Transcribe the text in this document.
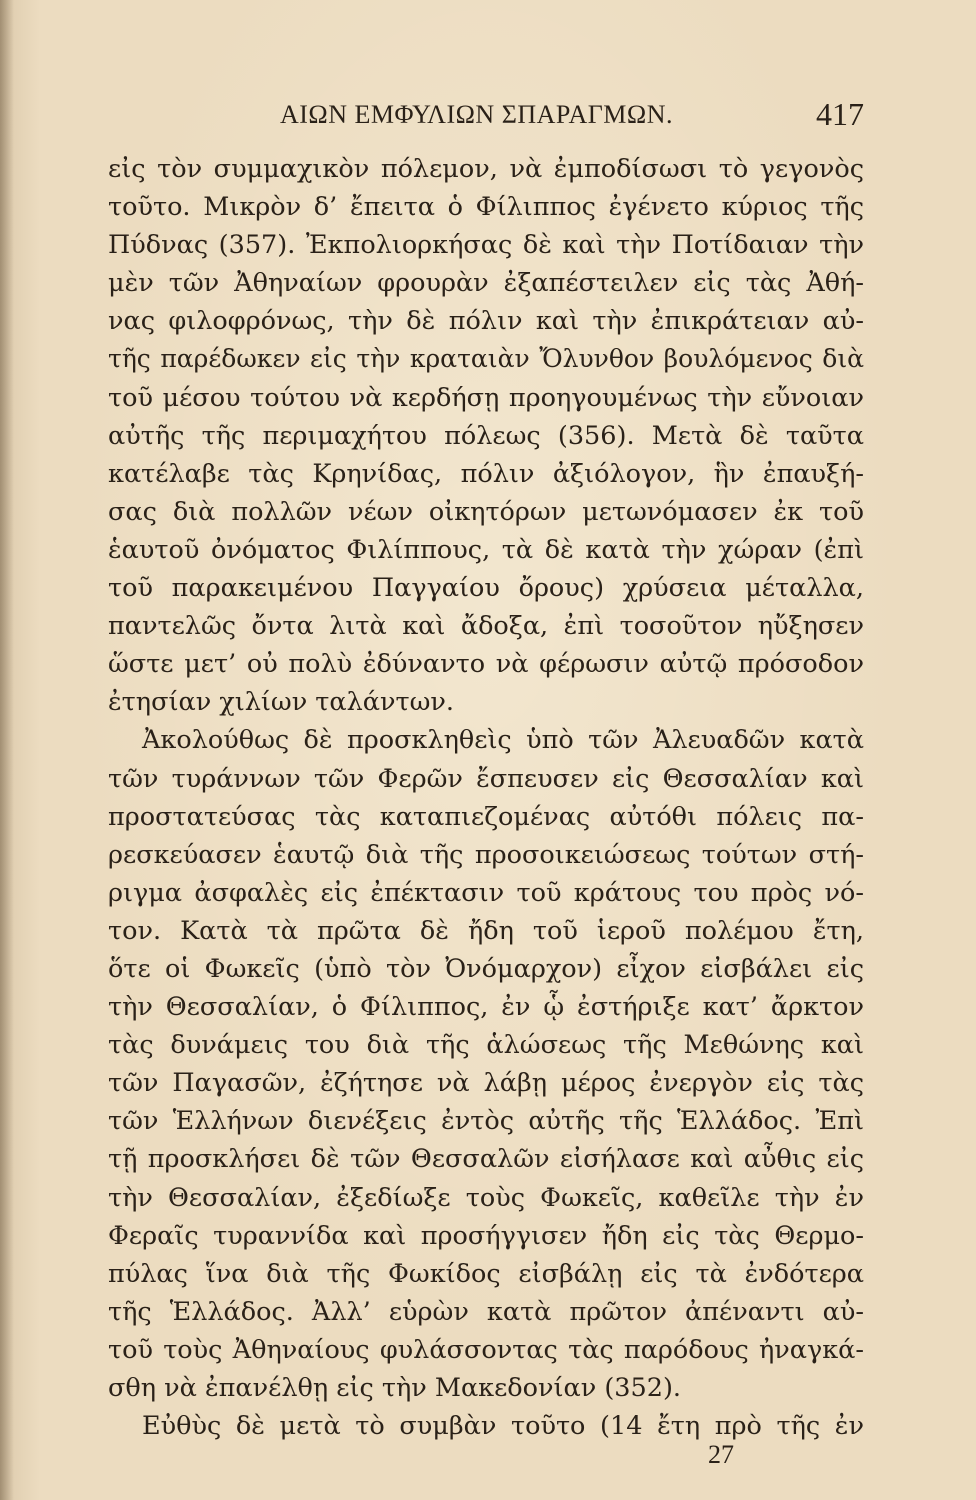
ΑΙΩΝ ΕΜΦΥΛΙΩΝ ΣΠΑΡΑΓΜΩΝ.	417
εἰς τὸν συμμαχικὸν πόλεμον, νὰ ἐμποδίσωσι τὸ γεγονὸς
τοῦτο. Μικρὸν δ’ ἔπειτα ὁ Φίλιππος ἐγένετο κύριος τῆς
Πύδνας (357). Ἐκπολιορκήσας δὲ καὶ τὴν Ποτίδαιαν τὴν
μὲν τῶν Ἀθηναίων φρουρὰν ἐξαπέστειλεν εἰς τὰς Ἀθή-
νας φιλοφρόνως, τὴν δὲ πόλιν καὶ τὴν ἐπικράτειαν αὐ-
τῆς παρέδωκεν εἰς τὴν κραταιὰν Ὄλυνθον βουλόμενος διὰ
τοῦ μέσου τούτου νὰ κερδήσῃ προηγουμένως τὴν εὔνοιαν
αὐτῆς τῆς περιμαχήτου πόλεως (356). Μετὰ δὲ ταῦτα
κατέλαβε τὰς Κρηνίδας, πόλιν ἀξιόλογον, ἣν ἐπαυξή-
σας διὰ πολλῶν νέων οἰκητόρων μετωνόμασεν ἐκ τοῦ
ἑαυτοῦ ὀνόματος Φιλίππους, τὰ δὲ κατὰ τὴν χώραν (ἐπὶ
τοῦ παρακειμένου Παγγαίου ὄρους) χρύσεια μέταλλα,
παντελῶς ὄντα λιτὰ καὶ ἄδοξα, ἐπὶ τοσοῦτον ηὔξησεν
ὥστε μετ’ οὐ πολὺ ἐδύναντο νὰ φέρωσιν αὐτῷ πρόσοδον
ἐτησίαν χιλίων ταλάντων.
Ἀκολούθως δὲ προσκληθεὶς ὑπὸ τῶν Ἀλευαδῶν κατὰ
τῶν τυράννων τῶν Φερῶν ἔσπευσεν εἰς Θεσσαλίαν καὶ
προστατεύσας τὰς καταπιεζομένας αὐτόθι πόλεις πα-
ρεσκεύασεν ἑαυτῷ διὰ τῆς προσοικειώσεως τούτων στή-
ριγμα ἀσφαλὲς εἰς ἐπέκτασιν τοῦ κράτους του πρὸς νό-
τον. Κατὰ τὰ πρῶτα δὲ ἤδη τοῦ ἱεροῦ πολέμου ἔτη,
ὅτε οἱ Φωκεῖς (ὑπὸ τὸν Ὀνόμαρχον) εἶχον εἰσβάλει εἰς
τὴν Θεσσαλίαν, ὁ Φίλιππος, ἐν ᾧ ἐστήριξε κατ’ ἄρκτον
τὰς δυνάμεις του διὰ τῆς ἁλώσεως τῆς Μεθώνης καὶ
τῶν Παγασῶν, ἐζήτησε νὰ λάβῃ μέρος ἐνεργὸν εἰς τὰς
τῶν Ἑλλήνων διενέξεις ἐντὸς αὐτῆς τῆς Ἑλλάδος. Ἐπὶ
τῇ προσκλήσει δὲ τῶν Θεσσαλῶν εἰσήλασε καὶ αὖθις εἰς
τὴν Θεσσαλίαν, ἐξεδίωξε τοὺς Φωκεῖς, καθεῖλε τὴν ἐν
Φεραῖς τυραννίδα καὶ προσήγγισεν ἤδη εἰς τὰς Θερμο-
πύλας ἵνα διὰ τῆς Φωκίδος εἰσβάλῃ εἰς τὰ ἐνδότερα
τῆς Ἑλλάδος. Ἀλλ’ εὑρὼν κατὰ πρῶτον ἀπέναντι αὐ-
τοῦ τοὺς Ἀθηναίους φυλάσσοντας τὰς παρόδους ἠναγκά-
σθη νὰ ἐπανέλθῃ εἰς τὴν Μακεδονίαν (352).
Εὐθὺς δὲ μετὰ τὸ συμβὰν τοῦτο (14 ἔτη πρὸ τῆς ἐν
27
